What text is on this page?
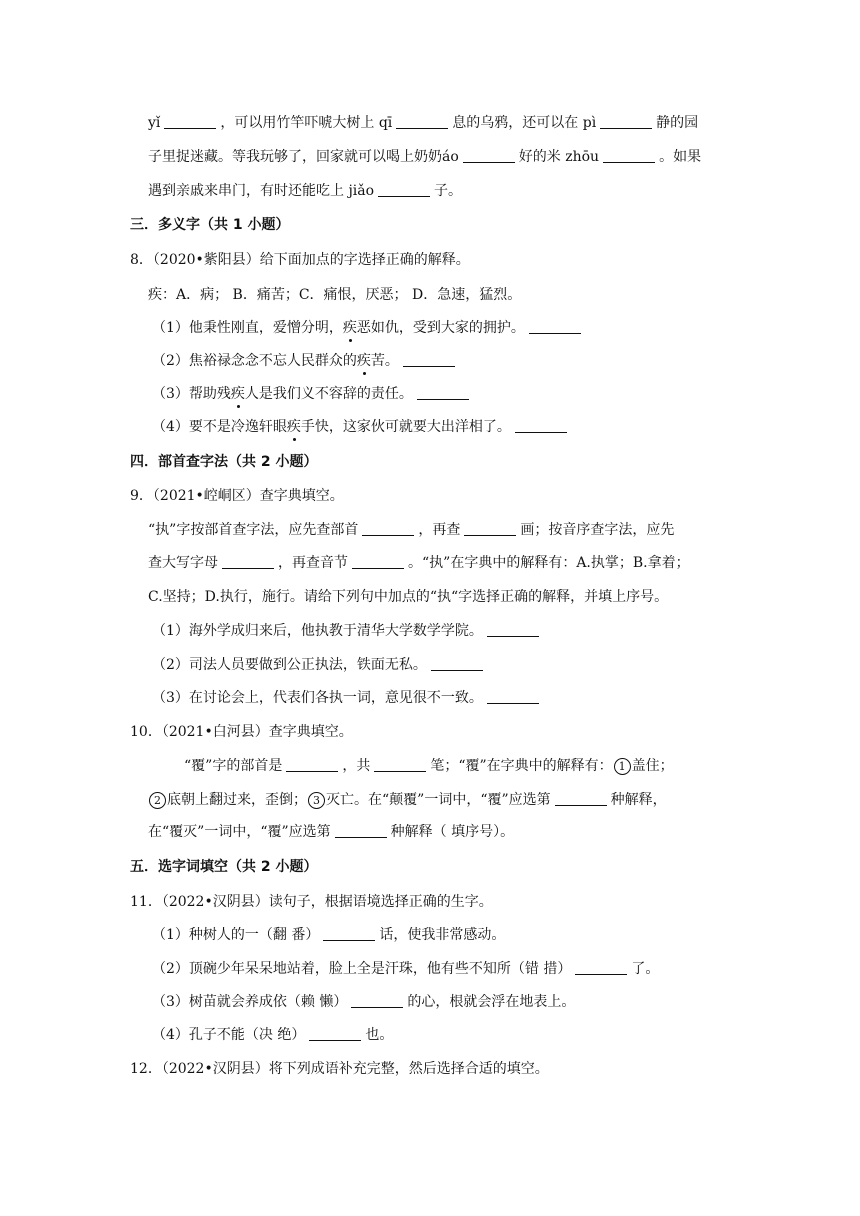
yǐ	，可以用竹竿吓唬大树上 qī	息的乌鸦，还可以在 pì	静的园
子里捉迷藏。等我玩够了，回家就可以喝上奶奶áo	好的米 zhōu	。如果
遇到亲戚来串门，有时还能吃上 jiǎo	子。
三．多义字（共 1 小题）
8．（2020•紫阳县）给下面加点的字选择正确的解释。
疾：A．病； B．痛苦；C．痛恨，厌恶； D．急速，猛烈。
（1）他秉性刚直，爱憎分明，疾恶如仇，受到大家的拥护。
（2）焦裕禄念念不忘人民群众的疾苦。
（3）帮助残疾人是我们义不容辞的责任。
（4）要不是冷逸轩眼疾手快，这家伙可就要大出洋相了。
四．部首查字法（共 2 小题）
9．（2021•崆峒区）查字典填空。
“执”字按部首查字法，应先查部首	，再查	画；按音序查字法，应先
查大写字母	，再查音节	。“执”在字典中的解释有：A.执掌；B.拿着；
C.坚持；D.执行，施行。请给下列句中加点的“执“字选择正确的解释，并填上序号。
（1）海外学成归来后，他执教于清华大学数学学院。
（2）司法人员要做到公正执法，铁面无私。
（3）在讨论会上，代表们各执一词，意见很不一致。
10．（2021•白河县）查字典填空。
“覆”字的部首是	，共	笔；“覆”在字典中的解释有： 1 盖住；
2 底朝上翻过来，歪倒； 3 灭亡。在“颠覆”一词中，“覆”应选第	种解释，
在“覆灭”一词中，“覆”应选第	种解释（ 填序号）。
五．选字词填空（共 2 小题）
11．（2022•汉阴县）读句子，根据语境选择正确的生字。
（1）种树人的一（翻 番）	话，使我非常感动。
（2）顶碗少年呆呆地站着，脸上全是汗珠，他有些不知所（错 措）	了。
（3）树苗就会养成依（赖 懒）	的心，根就会浮在地表上。
（4）孔子不能（决 绝）	也。
12．（2022•汉阴县）将下列成语补充完整，然后选择合适的填空。
